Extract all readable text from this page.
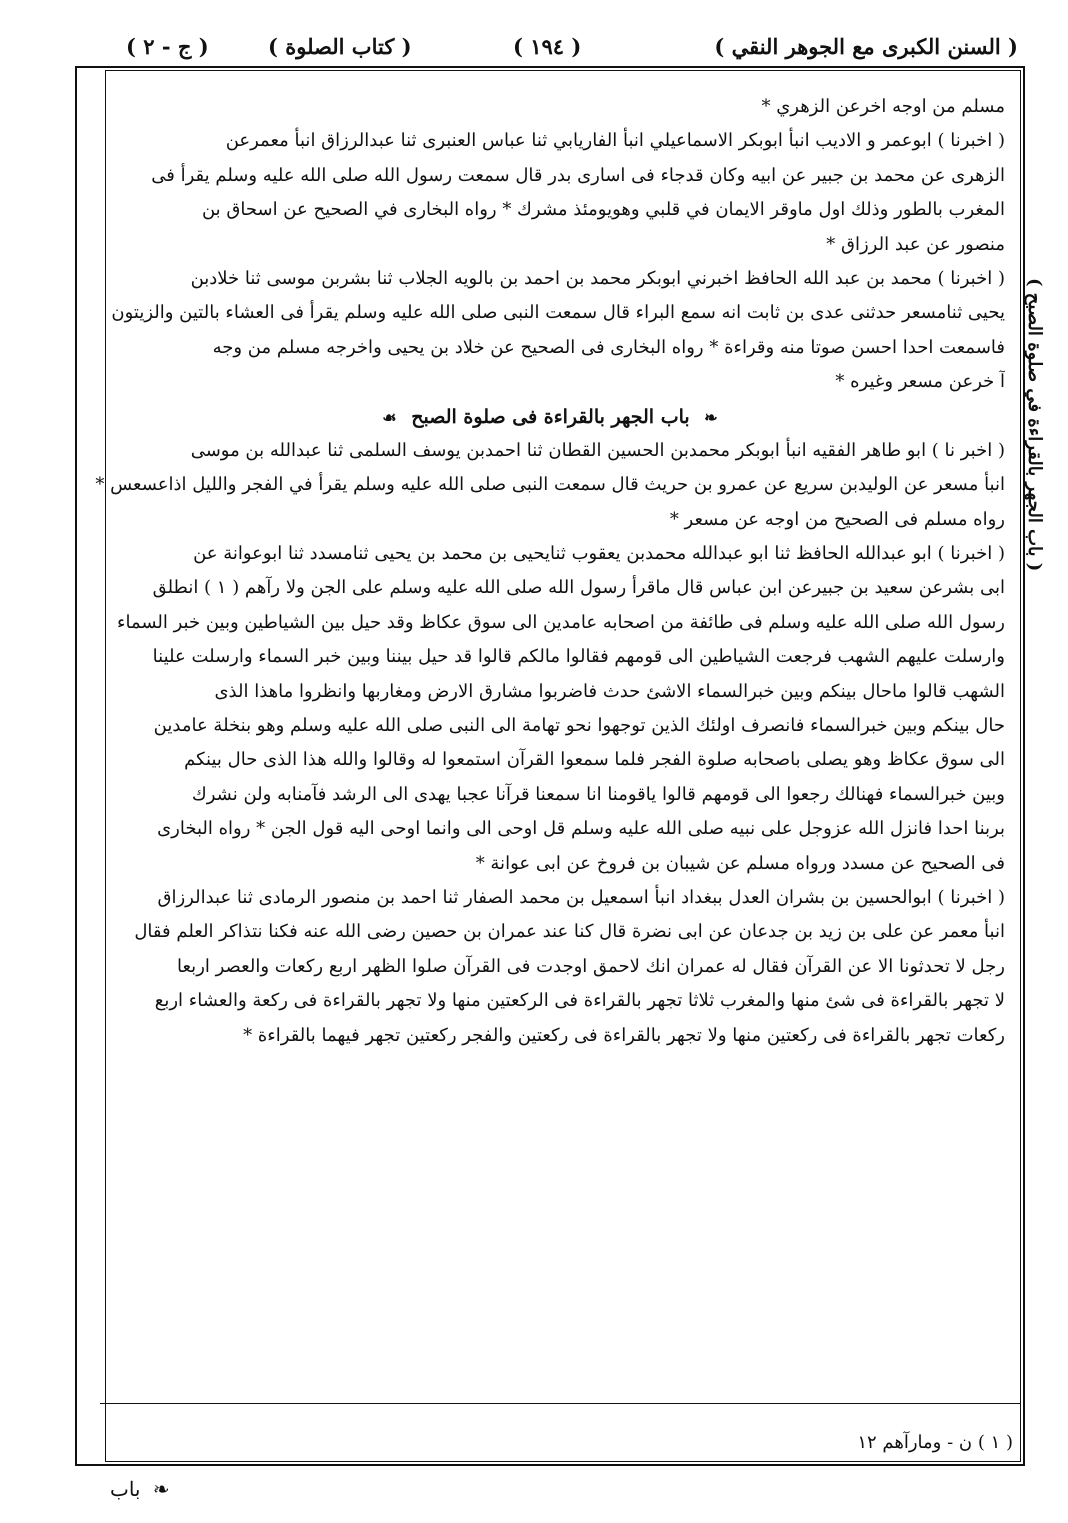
( السنن الكبرى مع الجوهر النقي )
( ١٩٤ )
( كتاب الصلوة )
( ج - ٢ )
( باب الجهر بالقراءة في صلوة الصبح )
مسلم من اوجه اخرعن الزهري *
( اخبرنا ) ابوعمر و الاديب انبأ ابوبكر الاسماعيلي انبأ الفاريابي ثنا عباس العنبرى ثنا عبدالرزاق انبأ معمرعن
الزهرى عن محمد بن جبير عن ابيه وكان قدجاء فى اسارى بدر قال سمعت رسول الله صلى الله عليه وسلم يقرأ فى
المغرب بالطور وذلك اول ماوقر الايمان في قلبي وهويومئذ مشرك * رواه البخارى في الصحيح عن اسحاق بن
منصور عن عبد الرزاق *
( اخبرنا ) محمد بن عبد الله الحافظ اخبرني ابوبكر محمد بن احمد بن بالويه الجلاب ثنا بشربن موسى ثنا خلادبن
يحيى ثنامسعر حدثنى عدى بن ثابت انه سمع البراء قال سمعت النبى صلى الله عليه وسلم يقرأ فى العشاء بالتين والزيتون
فاسمعت احدا احسن صوتا منه وقراءة * رواه البخارى فى الصحيح عن خلاد بن يحيى واخرجه مسلم من وجه
آ خرعن مسعر وغيره *
❧ باب الجهر بالقراءة فى صلوة الصبح ☙
( اخبر نا ) ابو طاهر الفقيه انبأ ابوبكر محمدبن الحسين القطان ثنا احمدبن يوسف السلمى ثنا عبدالله بن موسى
انبأ مسعر عن الوليدبن سريع عن عمرو بن حريث قال سمعت النبى صلى الله عليه وسلم يقرأ في الفجر والليل اذاعسعس *
رواه مسلم فى الصحيح من اوجه عن مسعر *
( اخبرنا ) ابو عبدالله الحافظ ثنا ابو عبدالله محمدبن يعقوب ثنايحيى بن محمد بن يحيى ثنامسدد ثنا ابوعوانة عن
ابى بشرعن سعيد بن جبيرعن ابن عباس قال ماقرأ رسول الله صلى الله عليه وسلم على الجن ولا رآهم ( ١ ) انطلق
رسول الله صلى الله عليه وسلم فى طائفة من اصحابه عامدين الى سوق عكاظ وقد حيل بين الشياطين وبين خبر السماء
وارسلت عليهم الشهب فرجعت الشياطين الى قومهم فقالوا مالكم قالوا قد حيل بيننا وبين خبر السماء وارسلت علينا
الشهب قالوا ماحال بينكم وبين خبرالسماء الاشئ حدث فاضربوا مشارق الارض ومغاربها وانظروا ماهذا الذى
حال بينكم وبين خبرالسماء فانصرف اولئك الذين توجهوا نحو تهامة الى النبى صلى الله عليه وسلم وهو بنخلة عامدين
الى سوق عكاظ وهو يصلى باصحابه صلوة الفجر فلما سمعوا القرآن استمعوا له وقالوا والله هذا الذى حال بينكم
وبين خبرالسماء فهنالك رجعوا الى قومهم قالوا ياقومنا انا سمعنا قرآنا عجبا يهدى الى الرشد فآمنابه ولن نشرك
بربنا احدا فانزل الله عزوجل على نبيه صلى الله عليه وسلم قل اوحى الى وانما اوحى اليه قول الجن * رواه البخارى
فى الصحيح عن مسدد ورواه مسلم عن شيبان بن فروخ عن ابى عوانة *
( اخبرنا ) ابوالحسين بن بشران العدل ببغداد انبأ اسمعيل بن محمد الصفار ثنا احمد بن منصور الرمادى ثنا عبدالرزاق
انبأ معمر عن على بن زيد بن جدعان عن ابى نضرة قال كنا عند عمران بن حصين رضى الله عنه فكنا نتذاكر العلم فقال
رجل لا تحدثونا الا عن القرآن فقال له عمران انك لاحمق اوجدت فى القرآن صلوا الظهر اربع ركعات والعصر اربعا
لا تجهر بالقراءة فى شئ منها والمغرب ثلاثا تجهر بالقراءة فى الركعتين منها ولا تجهر بالقراءة فى ركعة والعشاء اربع
ركعات تجهر بالقراءة فى ركعتين منها ولا تجهر بالقراءة فى ركعتين والفجر ركعتين تجهر فيهما بالقراءة *
( ١ ) ن - ومارآهم ١٢
❧ باب
